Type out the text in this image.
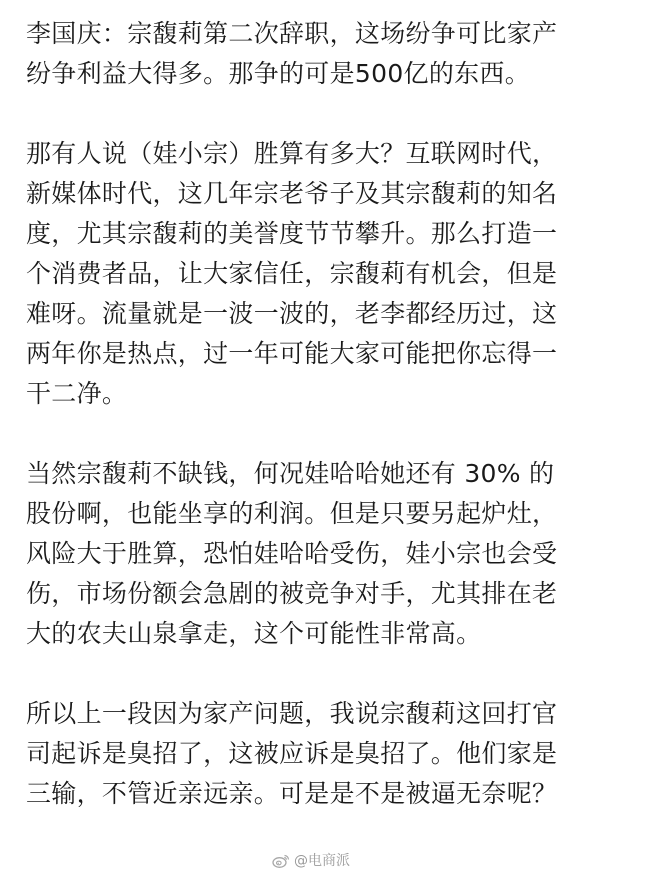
李国庆：宗馥莉第二次辞职，这场纷争可比家产
纷争利益大得多。那争的可是500亿的东西。

那有人说（娃小宗）胜算有多大？互联网时代，
新媒体时代，这几年宗老爷子及其宗馥莉的知名
度，尤其宗馥莉的美誉度节节攀升。那么打造一
个消费者品，让大家信任，宗馥莉有机会，但是
难呀。流量就是一波一波的，老李都经历过，这
两年你是热点，过一年可能大家可能把你忘得一
干二净。

当然宗馥莉不缺钱，何况娃哈哈她还有 30% 的
股份啊，也能坐享的利润。但是只要另起炉灶，
风险大于胜算，恐怕娃哈哈受伤，娃小宗也会受
伤，市场份额会急剧的被竞争对手，尤其排在老
大的农夫山泉拿走，这个可能性非常高。

所以上一段因为家产问题，我说宗馥莉这回打官
司起诉是臭招了，这被应诉是臭招了。他们家是
三输，不管近亲远亲。可是是不是被逼无奈呢？

@电商派
